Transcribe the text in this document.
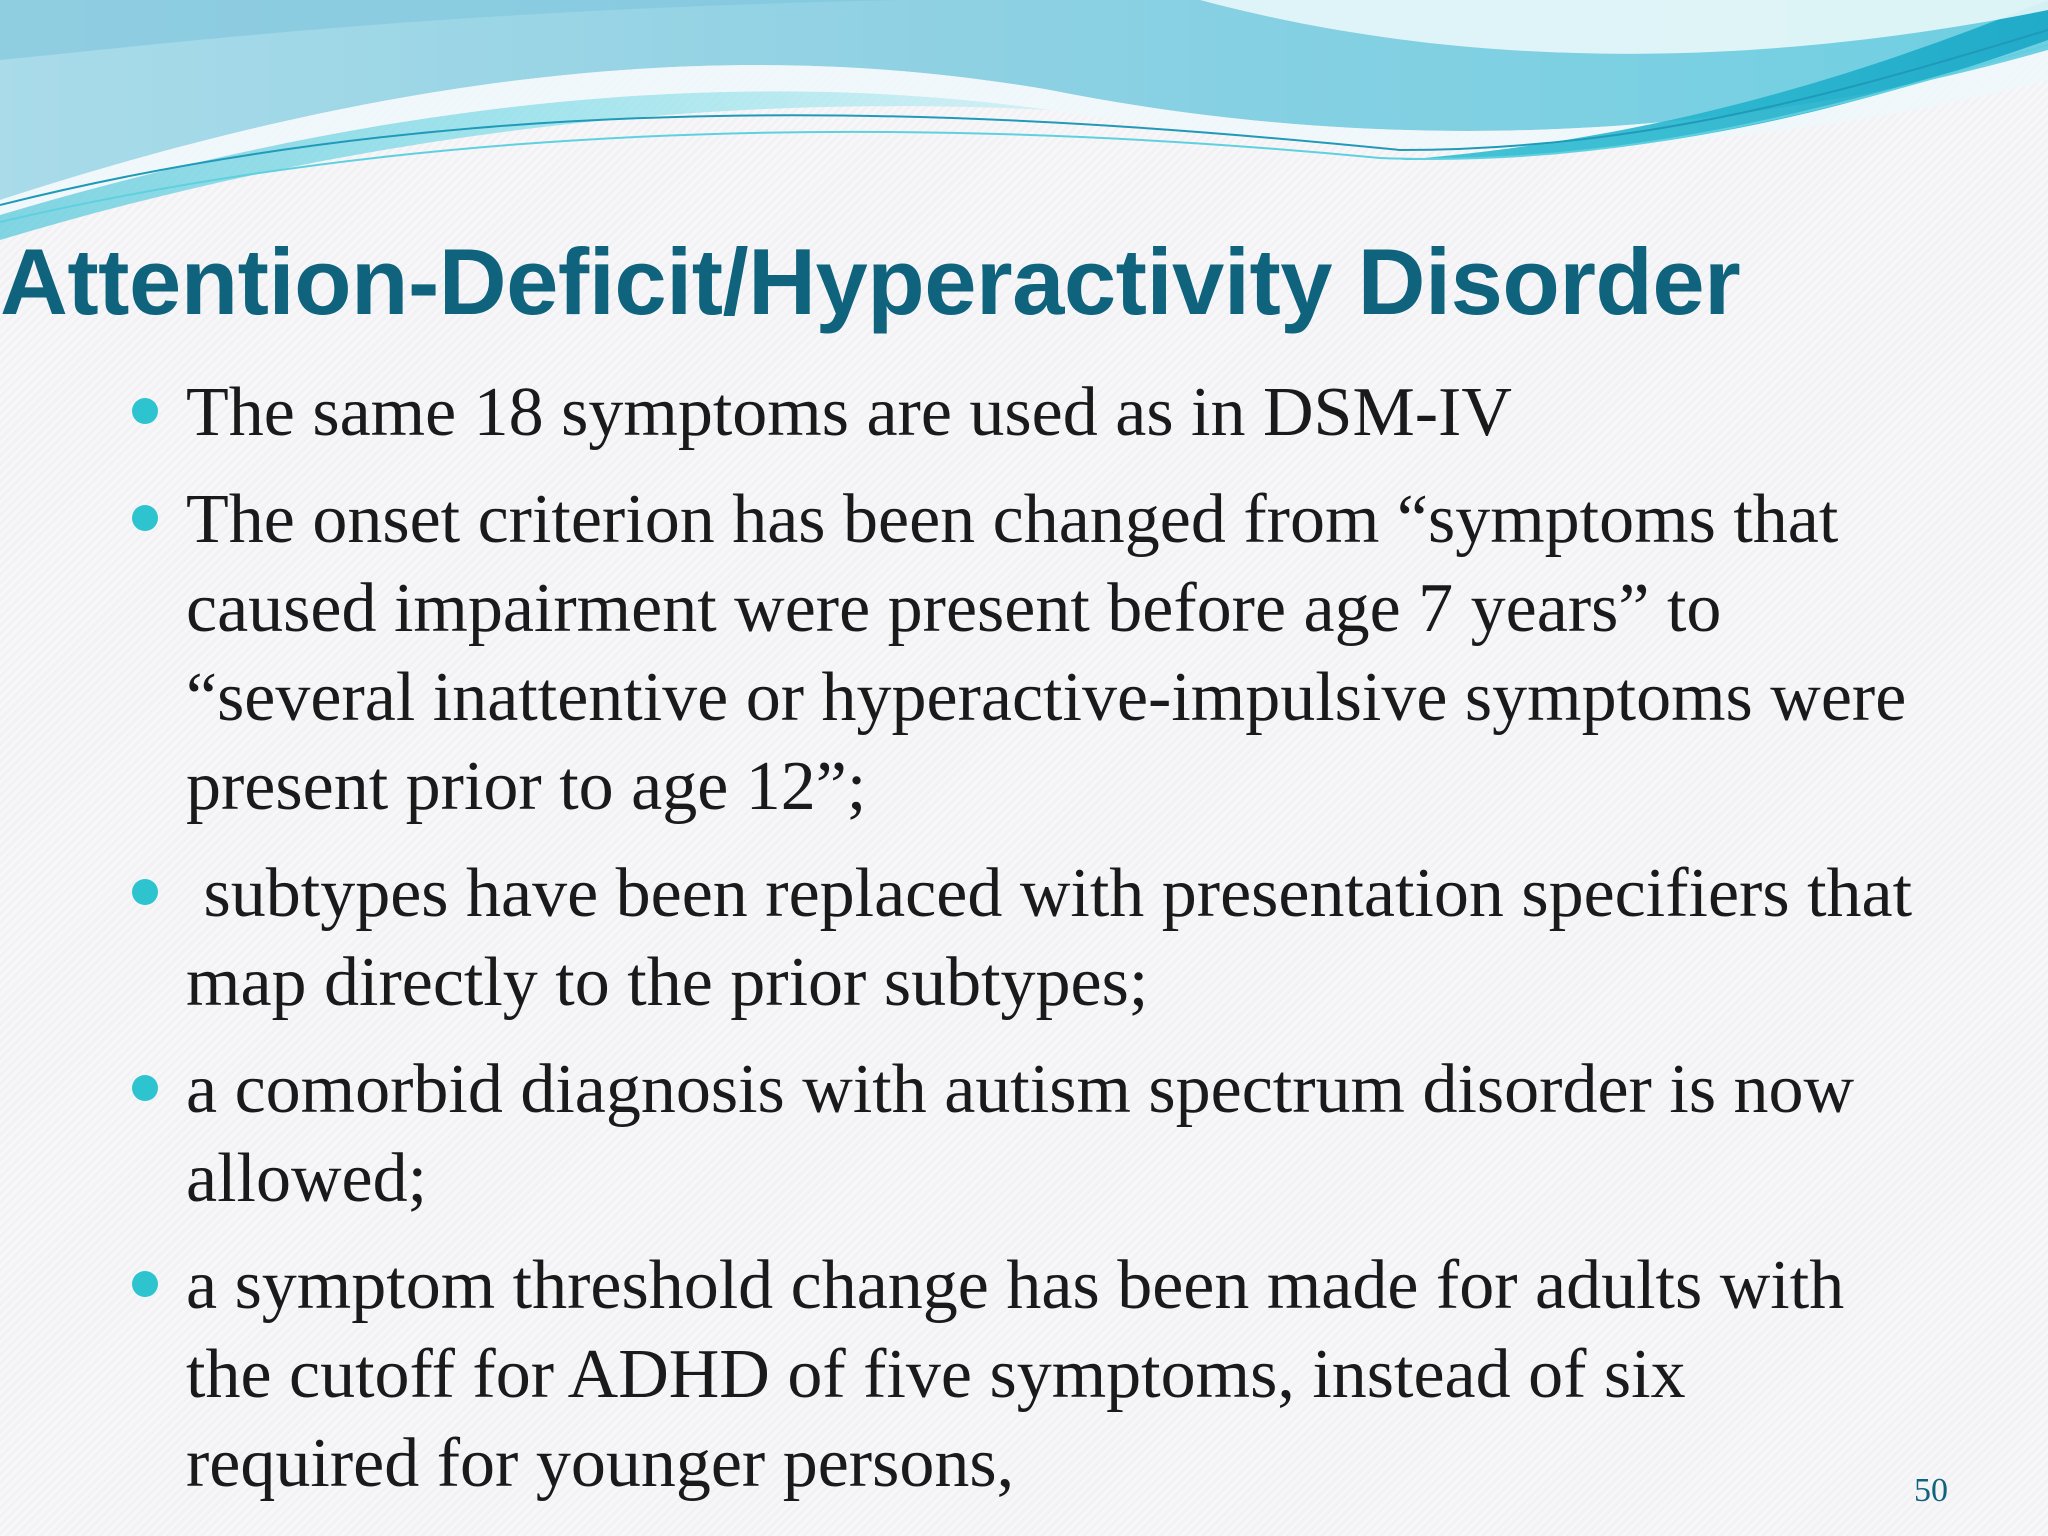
Attention-Deficit/Hyperactivity Disorder
The same 18 symptoms are used as in DSM-IV
The onset criterion has been changed from “symptoms that caused impairment were present before age 7 years” to “several inattentive or hyperactive-impulsive symptoms were present prior to age 12”;
subtypes have been replaced with presentation specifiers that map directly to the prior subtypes;
a comorbid diagnosis with autism spectrum disorder is now allowed;
a symptom threshold change has been made for adults with the cutoff for ADHD of five symptoms, instead of six required for younger persons,	50
